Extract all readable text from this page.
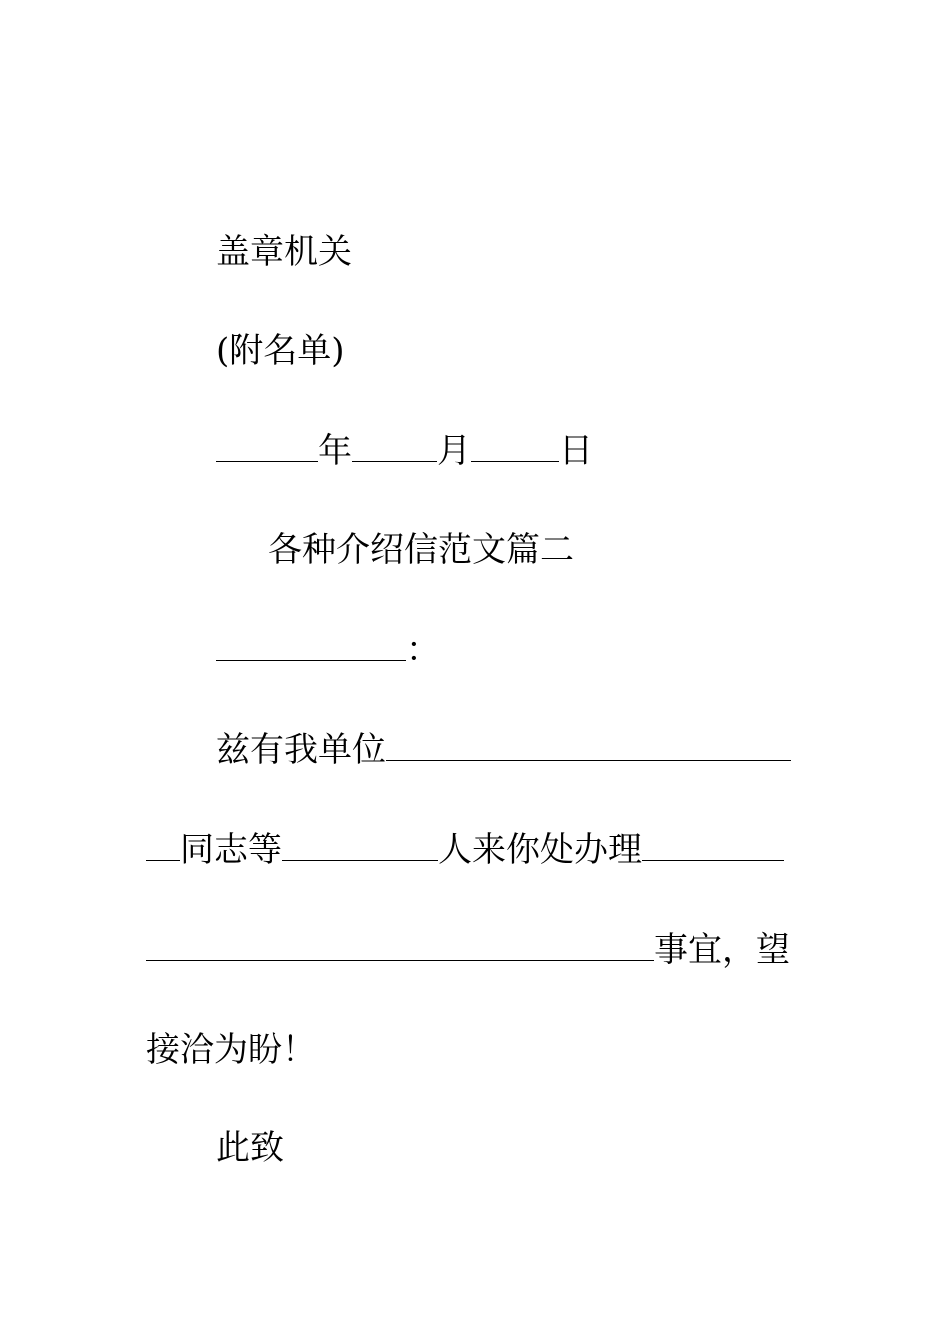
盖章机关
(附名单)
年	月	日
各种介绍信范文篇二
：
兹有我单位
同志等	人来你处办理
事宜，望
接洽为盼！
此致
